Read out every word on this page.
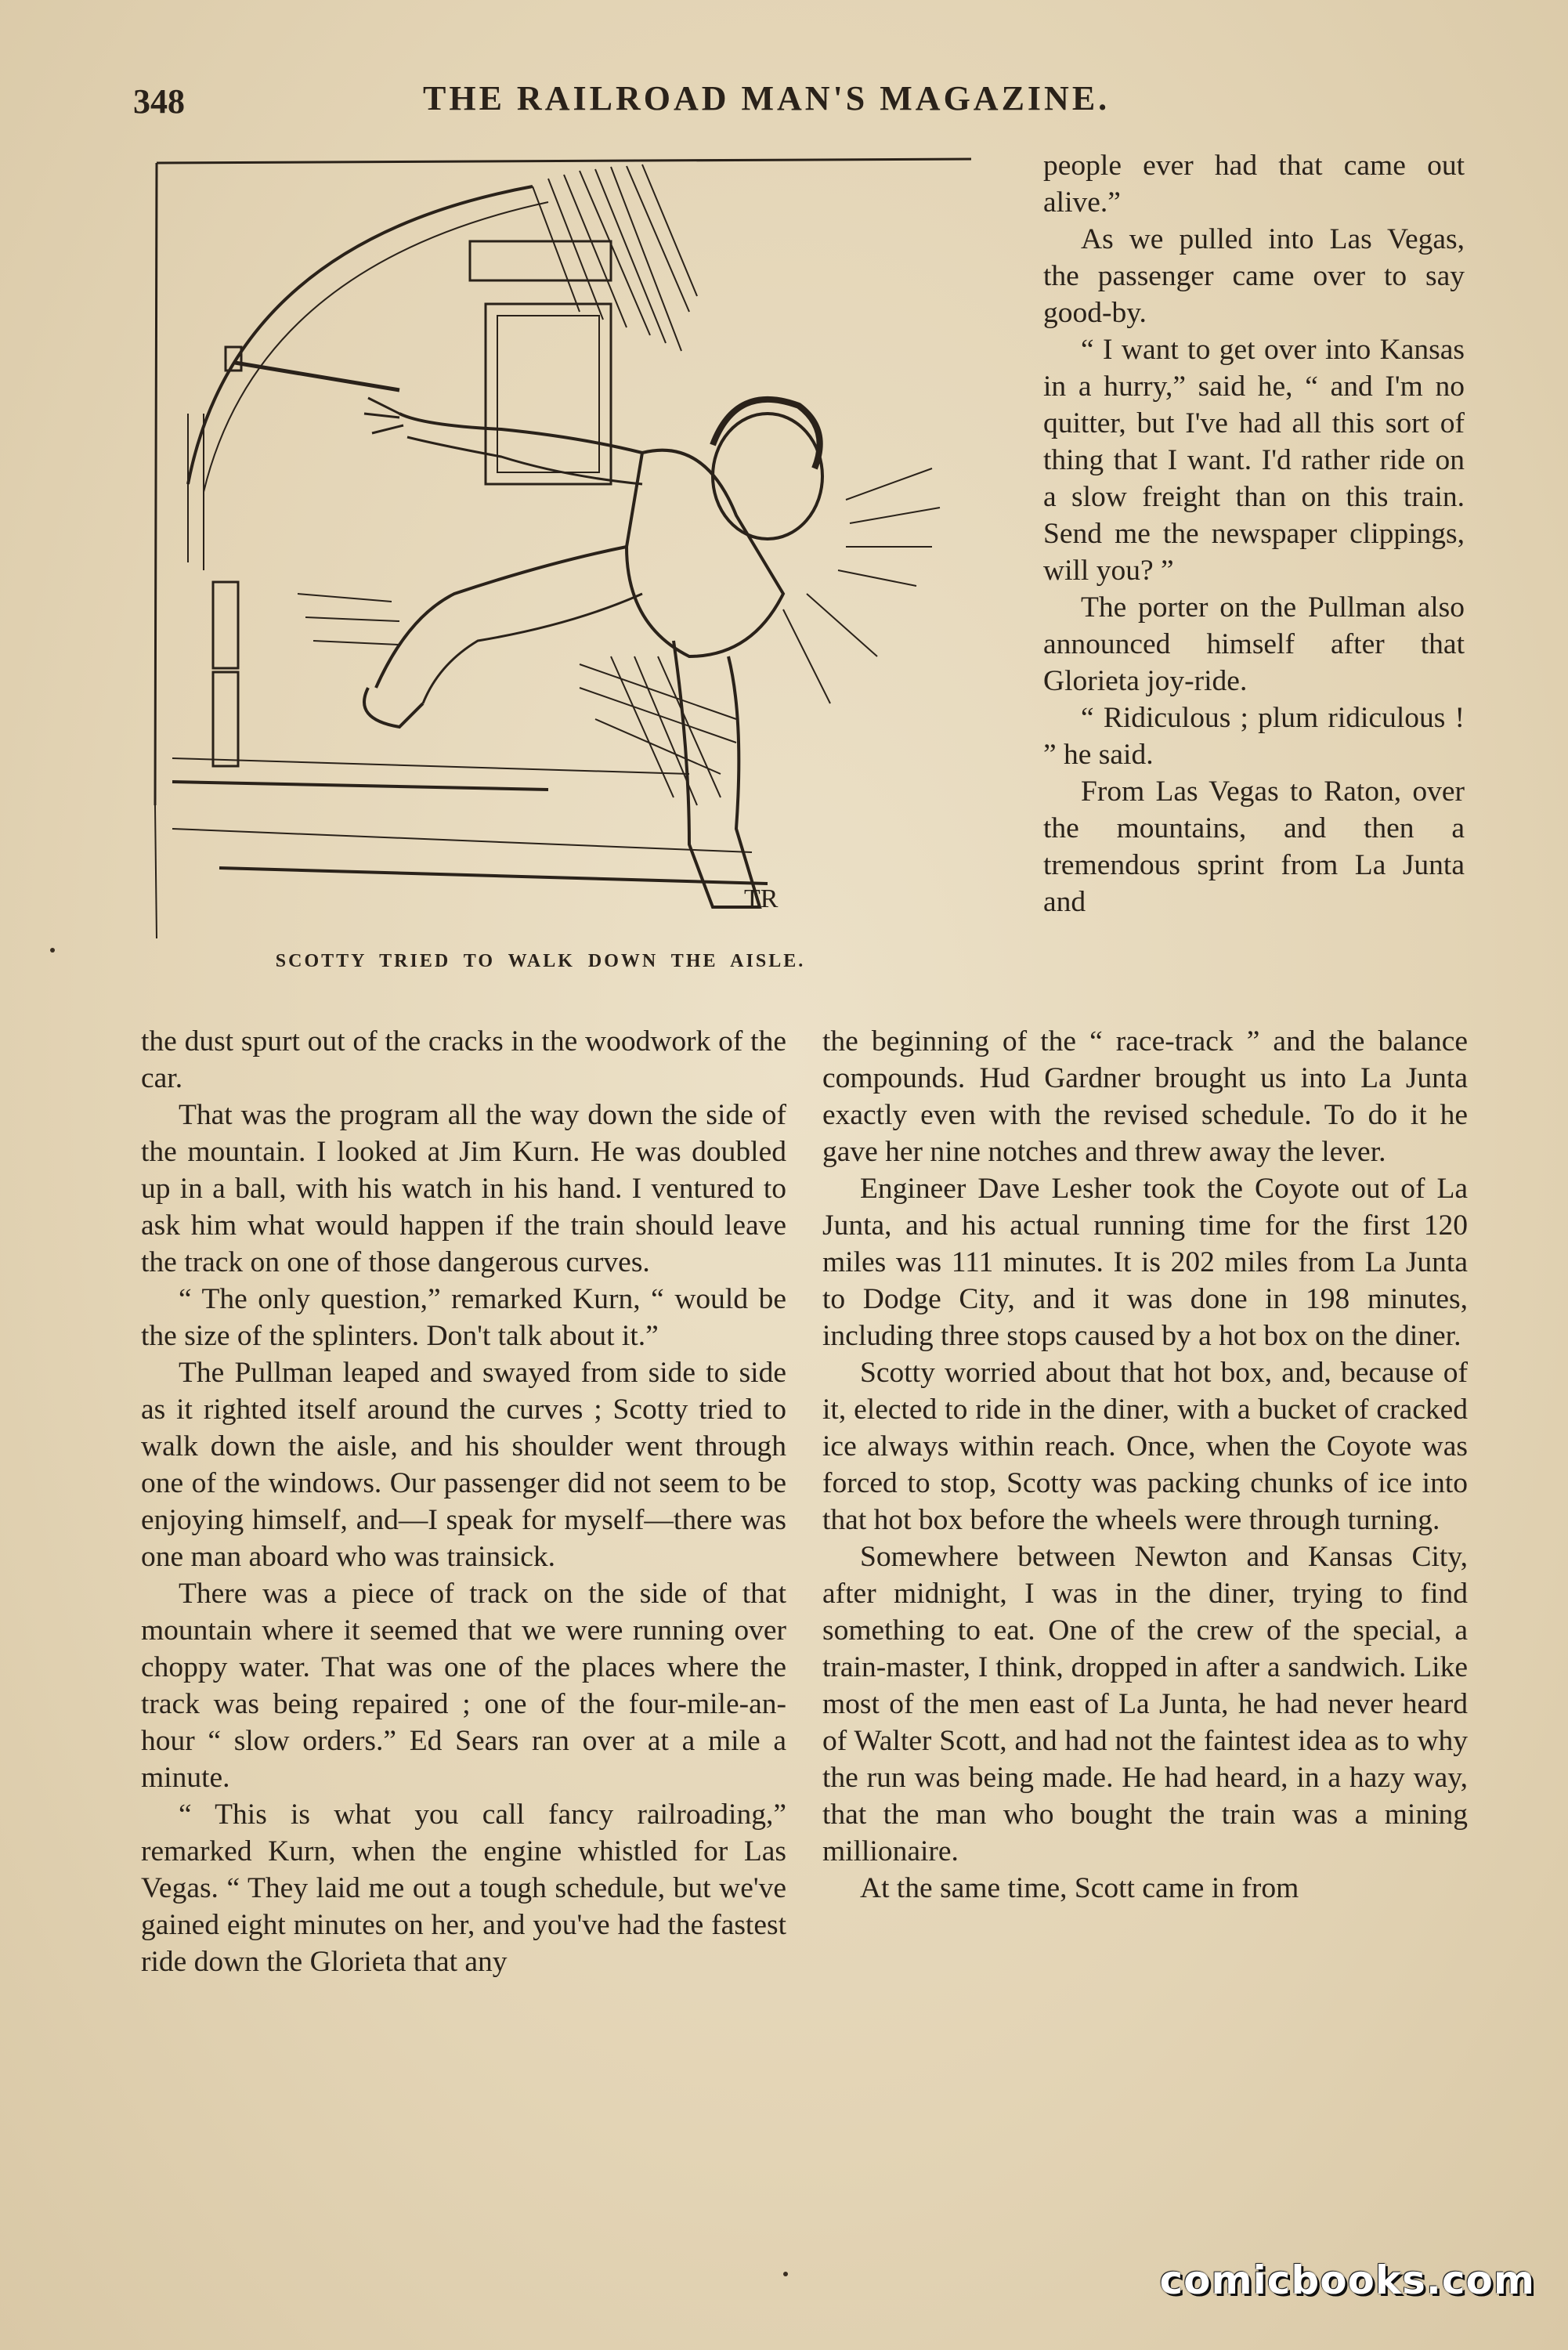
348	THE RAILROAD MAN'S MAGAZINE.
TR
SCOTTY TRIED TO WALK DOWN THE AISLE.

people ever had that came out alive.”

As we pulled into Las Vegas, the passenger came over to say good-by.

“ I want to get over into Kansas in a hurry,” said he, “ and I'm no quitter, but I've had all this sort of thing that I want. I'd rather ride on a slow freight than on this train. Send me the newspaper clippings, will you? ”

The porter on the Pullman also announced himself after that Glorieta joy-ride.

“ Ridiculous ; plum ridiculous ! ” he said.

From Las Vegas to Raton, over the mountains, and then a tremendous sprint from La Junta and

the dust spurt out of the cracks in the woodwork of the car.

That was the program all the way down the side of the mountain. I looked at Jim Kurn. He was doubled up in a ball, with his watch in his hand. I ventured to ask him what would happen if the train should leave the track on one of those dangerous curves.

“ The only question,” remarked Kurn, “ would be the size of the splinters. Don't talk about it.”

The Pullman leaped and swayed from side to side as it righted itself around the curves ; Scotty tried to walk down the aisle, and his shoulder went through one of the windows. Our passenger did not seem to be enjoying himself, and—I speak for myself—there was one man aboard who was trainsick.

There was a piece of track on the side of that mountain where it seemed that we were running over choppy water. That was one of the places where the track was being repaired ; one of the four-mile-an-hour “ slow orders.” Ed Sears ran over at a mile a minute.

“ This is what you call fancy railroading,” remarked Kurn, when the engine whistled for Las Vegas. “ They laid me out a tough schedule, but we've gained eight minutes on her, and you've had the fastest ride down the Glorieta that any

the beginning of the “ race-track ” and the balance compounds. Hud Gardner brought us into La Junta exactly even with the revised schedule. To do it he gave her nine notches and threw away the lever.

Engineer Dave Lesher took the Coyote out of La Junta, and his actual running time for the first 120 miles was 111 minutes. It is 202 miles from La Junta to Dodge City, and it was done in 198 minutes, including three stops caused by a hot box on the diner.

Scotty worried about that hot box, and, because of it, elected to ride in the diner, with a bucket of cracked ice always within reach. Once, when the Coyote was forced to stop, Scotty was packing chunks of ice into that hot box before the wheels were through turning.

Somewhere between Newton and Kansas City, after midnight, I was in the diner, trying to find something to eat. One of the crew of the special, a train-master, I think, dropped in after a sandwich. Like most of the men east of La Junta, he had never heard of Walter Scott, and had not the faintest idea as to why the run was being made. He had heard, in a hazy way, that the man who bought the train was a mining millionaire.

At the same time, Scott came in from

comicbooks.com
